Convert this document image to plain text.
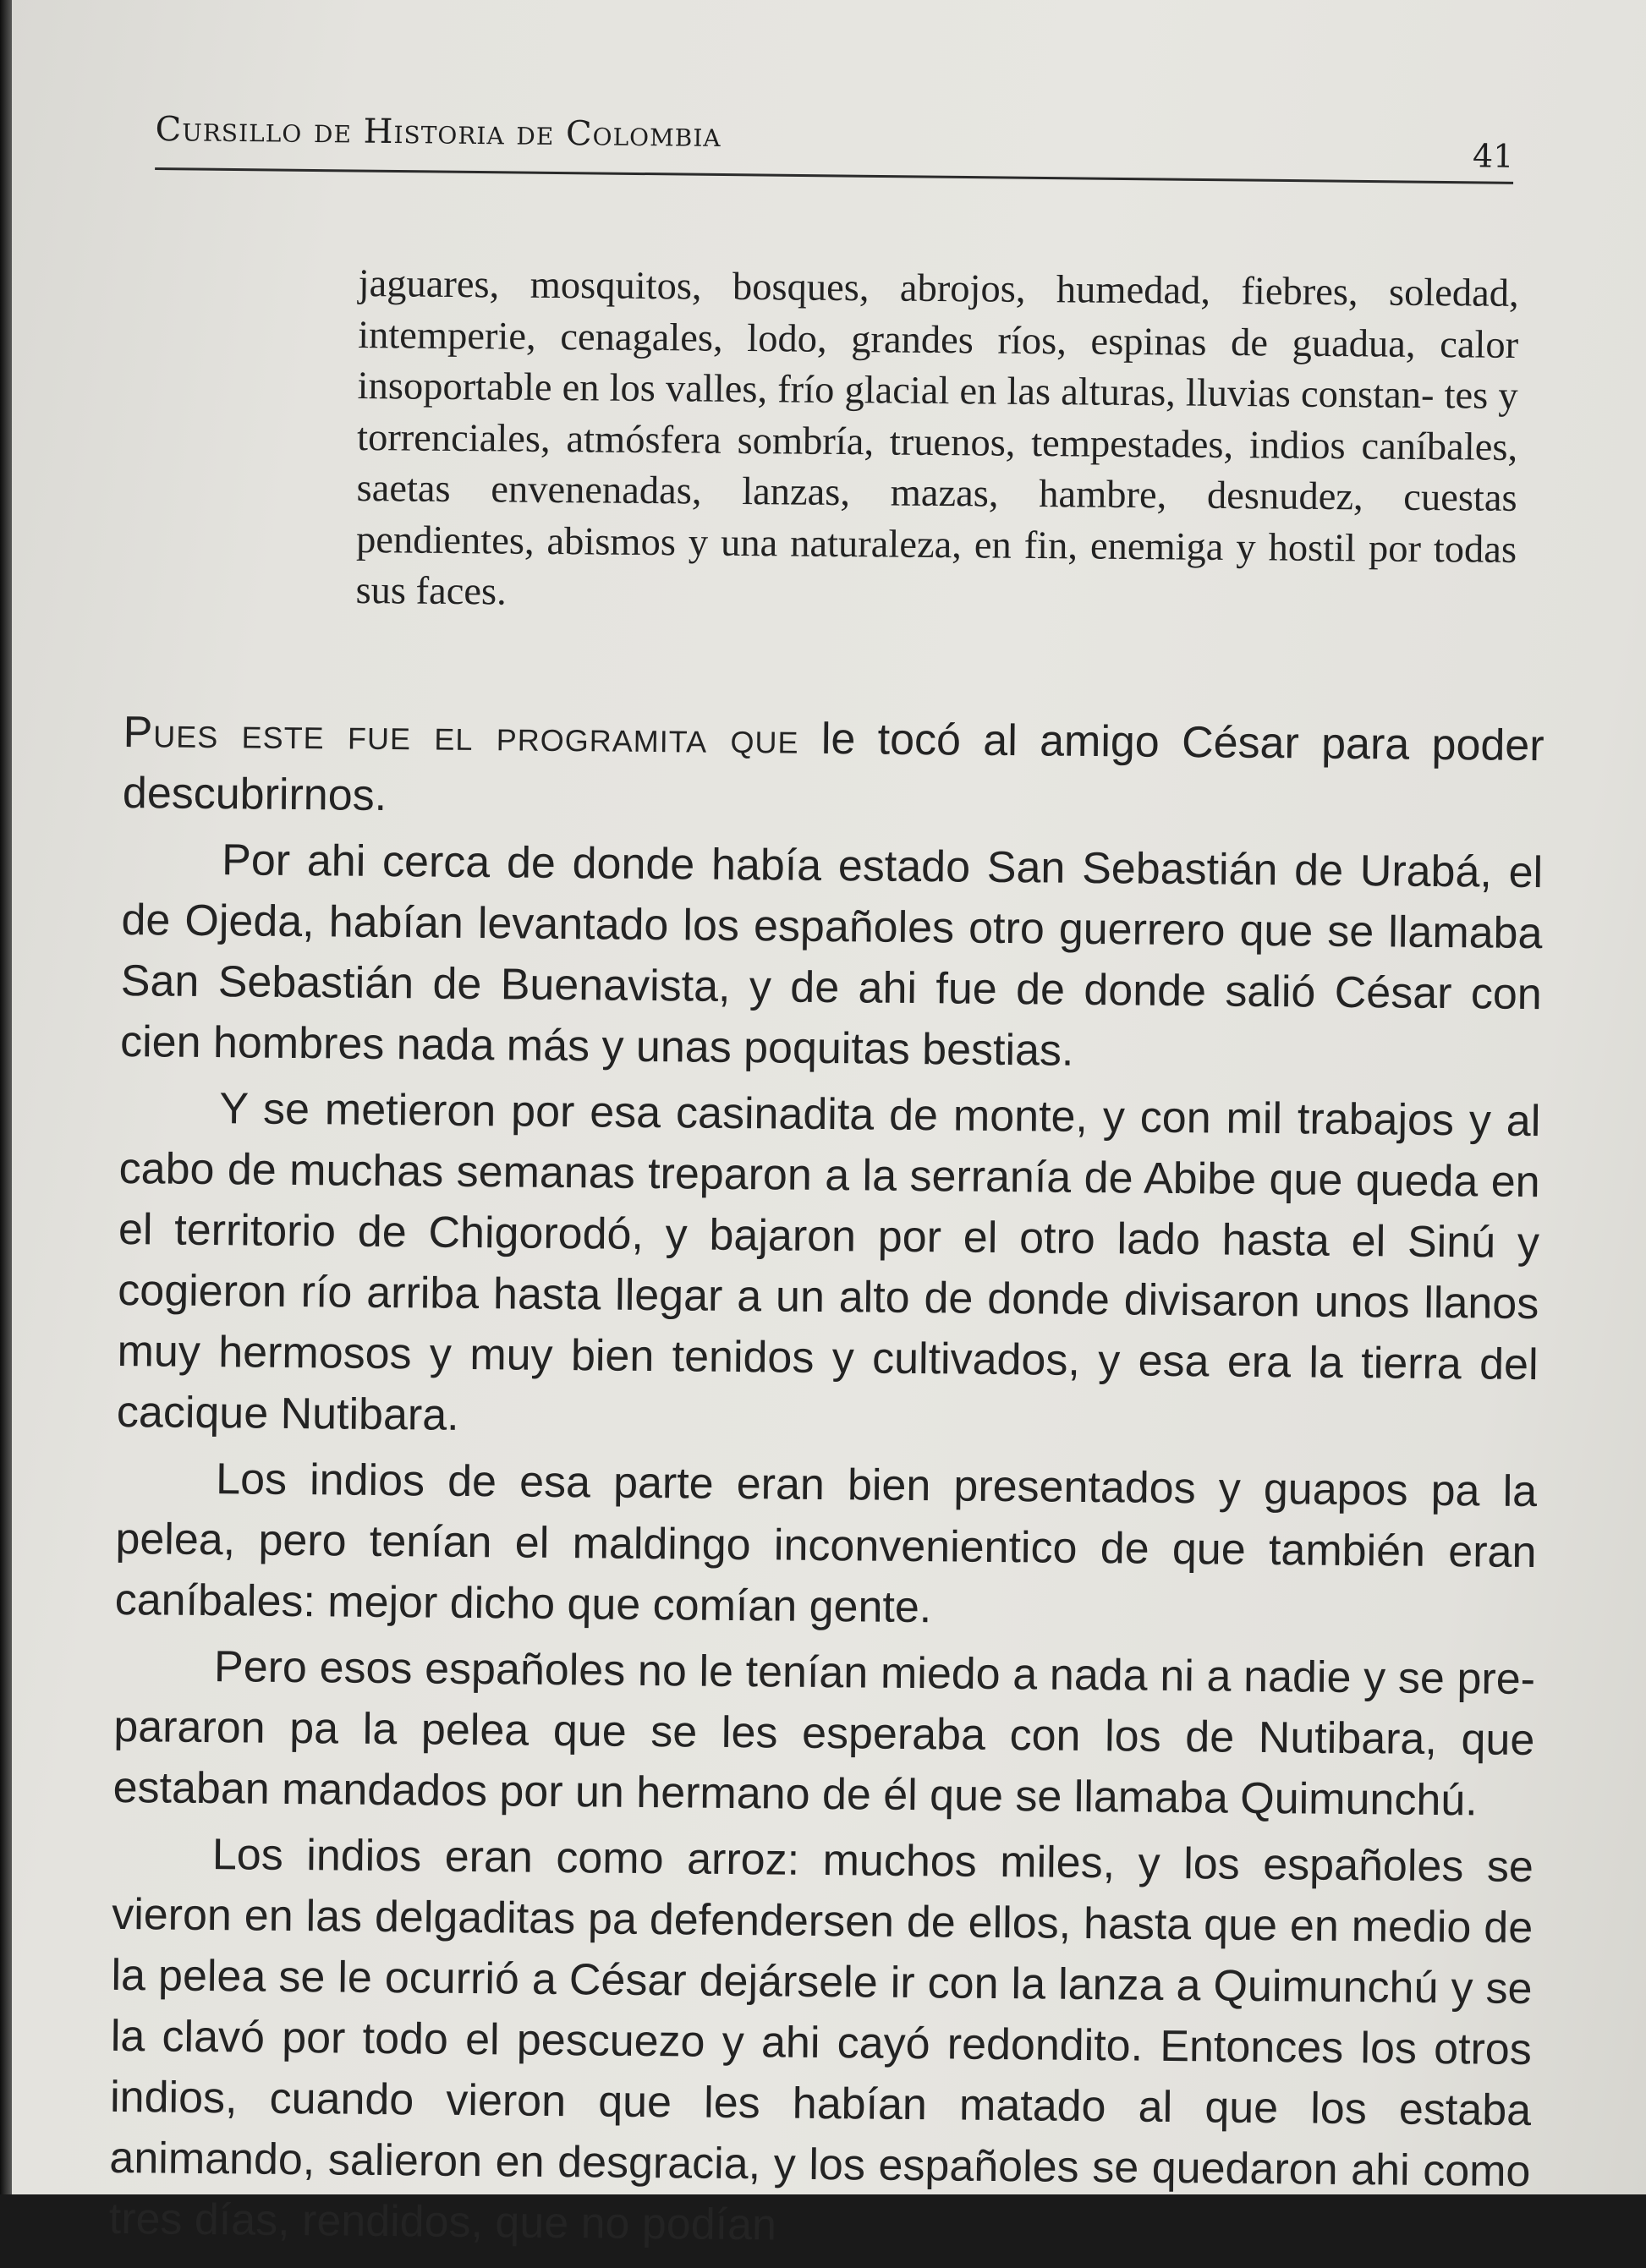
Cursillo de Historia de Colombia
41
jaguares, mosquitos, bosques, abrojos, humedad, fiebres, soledad, intemperie, cenagales, lodo, grandes ríos, espinas de guadua, calor insoportable en los valles, frío glacial en las alturas, lluvias constan- tes y torrenciales, atmósfera sombría, truenos, tempestades, indios caníbales, saetas envenenadas, lanzas, mazas, hambre, desnudez, cuestas pendientes, abismos y una naturaleza, en fin, enemiga y hostil por todas sus faces.

Pues este fue el programita que le tocó al amigo César para poder descubrirnos.

Por ahi cerca de donde había estado San Sebastián de Urabá, el de Ojeda, habían levantado los españoles otro guerrero que se llamaba San Sebastián de Buenavista, y de ahi fue de donde salió César con cien hombres nada más y unas poquitas bestias.

Y se metieron por esa casinadita de monte, y con mil trabajos y al cabo de muchas semanas treparon a la serranía de Abibe que queda en el territorio de Chigorodó, y bajaron por el otro lado hasta el Sinú y cogieron río arriba hasta llegar a un alto de donde divisaron unos llanos muy hermosos y muy bien tenidos y cultivados, y esa era la tierra del cacique Nutibara.

Los indios de esa parte eran bien presentados y guapos pa la pelea, pero tenían el maldingo inconvenientico de que también eran caníbales: mejor dicho que comían gente.

Pero esos españoles no le tenían miedo a nada ni a nadie y se pre- pararon pa la pelea que se les esperaba con los de Nutibara, que estaban mandados por un hermano de él que se llamaba Quimunchú.

Los indios eran como arroz: muchos miles, y los españoles se vieron en las delgaditas pa defendersen de ellos, hasta que en medio de la pelea se le ocurrió a César dejársele ir con la lanza a Quimunchú y se la clavó por todo el pescuezo y ahi cayó redondito. Entonces los otros indios, cuando vieron que les habían matado al que los estaba animando, salieron en desgracia, y los españoles se quedaron ahi como tres días, rendidos, que no podían
